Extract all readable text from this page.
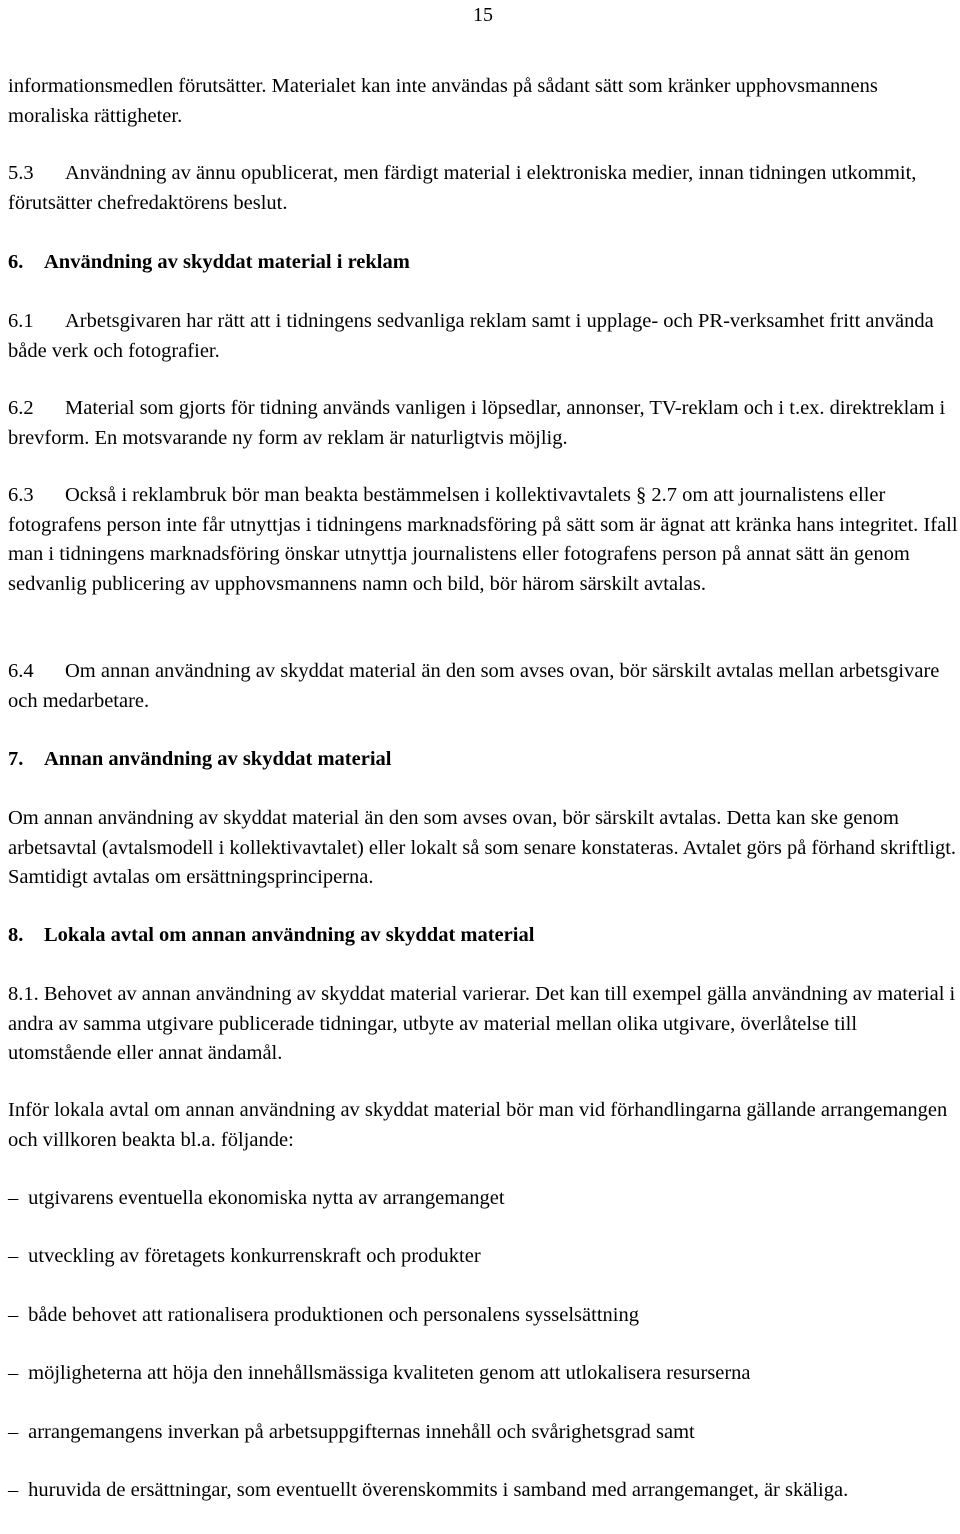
15

informationsmedlen förutsätter. Materialet kan inte användas på sådant sätt som kränker upphovsmannens moraliska rättigheter.

5.3 Användning av ännu opublicerat, men färdigt material i elektroniska medier, innan tidningen utkommit, förutsätter chefredaktörens beslut.

6. Användning av skyddat material i reklam

6.1 Arbetsgivaren har rätt att i tidningens sedvanliga reklam samt i upplage- och PR-verksamhet fritt använda både verk och fotografier.

6.2 Material som gjorts för tidning används vanligen i löpsedlar, annonser, TV-reklam och i t.ex. direktreklam i brevform. En motsvarande ny form av reklam är naturligtvis möjlig.

6.3 Också i reklambruk bör man beakta bestämmelsen i kollektivavtalets § 2.7 om att journalistens eller fotografens person inte får utnyttjas i tidningens marknadsföring på sätt som är ägnat att kränka hans integritet. Ifall man i tidningens marknadsföring önskar utnyttja journalistens eller fotografens person på annat sätt än genom sedvanlig publicering av upphovsmannens namn och bild, bör härom särskilt avtalas.

6.4 Om annan användning av skyddat material än den som avses ovan, bör särskilt avtalas mellan arbetsgivare och medarbetare.

7. Annan användning av skyddat material

Om annan användning av skyddat material än den som avses ovan, bör särskilt avtalas. Detta kan ske genom arbetsavtal (avtalsmodell i kollektivavtalet) eller lokalt så som senare konstateras. Avtalet görs på förhand skriftligt. Samtidigt avtalas om ersättningsprinciperna.

8. Lokala avtal om annan användning av skyddat material

8.1. Behovet av annan användning av skyddat material varierar. Det kan till exempel gälla användning av material i andra av samma utgivare publicerade tidningar, utbyte av material mellan olika utgivare, överlåtelse till utomstående eller annat ändamål.

Inför lokala avtal om annan användning av skyddat material bör man vid förhandlingarna gällande arrangemangen och villkoren beakta bl.a. följande:

– utgivarens eventuella ekonomiska nytta av arrangemanget

– utveckling av företagets konkurrenskraft och produkter

– både behovet att rationalisera produktionen och personalens sysselsättning

– möjligheterna att höja den innehållsmässiga kvaliteten genom att utlokalisera resurserna

– arrangemangens inverkan på arbetsuppgifternas innehåll och svårighetsgrad samt

– huruvida de ersättningar, som eventuellt överenskommits i samband med arrangemanget, är skäliga.
